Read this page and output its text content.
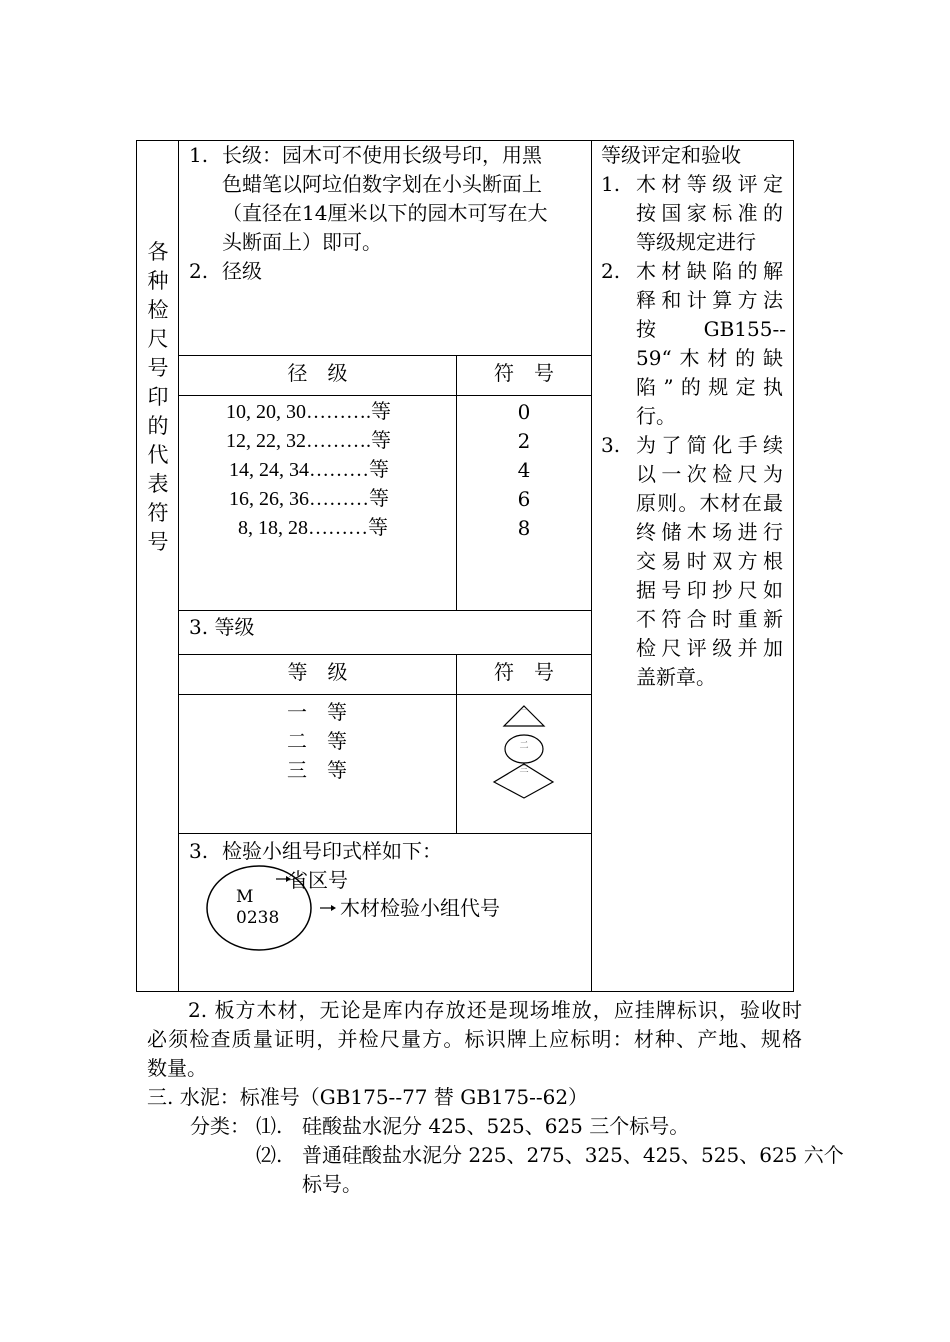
各
种
检
尺
号
印
的
代
表
符
号
1. 长级：园木可不使用长级号印，用黑
色蜡笔以阿垃伯数字划在小头断面上
（直径在14厘米以下的园木可写在大
头断面上）即可。
2. 径级
径　级	符　号
10, 20, 30……….等
12, 22, 32……….等
14, 24, 34………等
16, 26, 36………等
8, 18, 28………等
0
2
4
6
8
3. 等级
等　级	符　号
一　等
二　等
三　等
一
二
三
3. 检验小组号印式样如下：
M
0238
省区号
木材检验小组代号
等级评定和验收
1. 木材等级评定
按国家标准的
等级规定进行
2. 木材缺陷的解
释和计算方法
按　　GB155--
59“木材的缺
陷”的规定执
行。
3. 为了简化手续
以一次检尺为
原则。木材在最
终储木场进行
交易时双方根
据号印抄尺如
不符合时重新
检尺评级并加
盖新章。
2. 板方木材，无论是库内存放还是现场堆放，应挂牌标识，验收时
必须检查质量证明，并检尺量方。标识牌上应标明：材种、产地、规格
数量。
三. 水泥：标准号（GB175--77 替 GB175--62）
分类： ⑴. 硅酸盐水泥分 425、525、625 三个标号。
⑵. 普通硅酸盐水泥分 225、275、325、425、525、625 六个
标号。
